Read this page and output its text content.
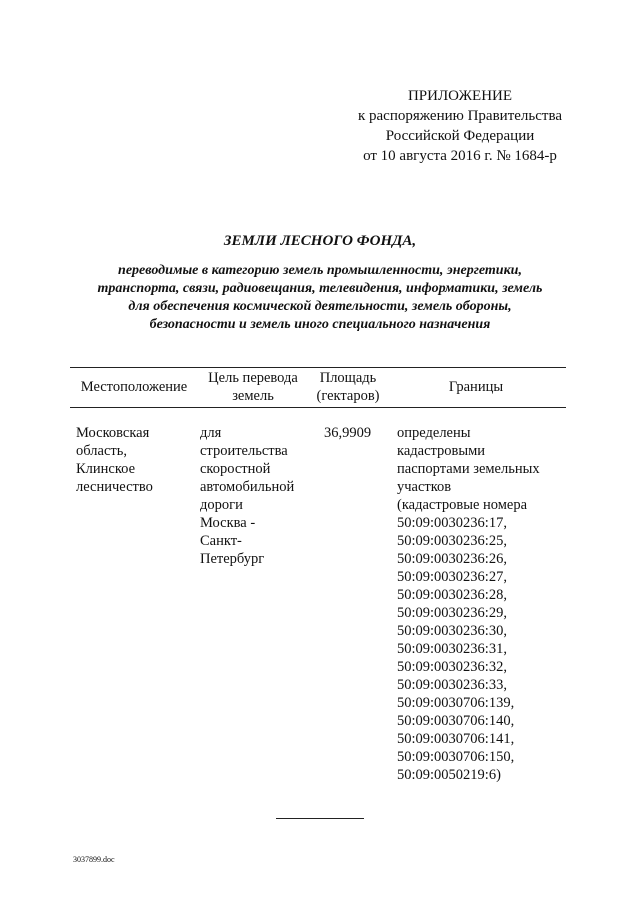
ПРИЛОЖЕНИЕ
к распоряжению Правительства
Российской Федерации
от 10 августа 2016 г. № 1684-р
ЗЕМЛИ ЛЕСНОГО ФОНДА,
переводимые в категорию земель промышленности, энергетики,
транспорта, связи, радиовещания, телевидения, информатики, земель
для обеспечения космической деятельности, земель обороны,
безопасности и земель иного специального назначения
Местоположение
Цель перевода
земель
Площадь
(гектаров)
Границы
Московская
область,
Клинское
лесничество
для
строительства
скоростной
автомобильной
дороги
Москва -
Санкт-
Петербург
36,9909 определены
кадастровыми
паспортами земельных
участков
(кадастровые номера
50:09:0030236:17,
50:09:0030236:25,
50:09:0030236:26,
50:09:0030236:27,
50:09:0030236:28,
50:09:0030236:29,
50:09:0030236:30,
50:09:0030236:31,
50:09:0030236:32,
50:09:0030236:33,
50:09:0030706:139,
50:09:0030706:140,
50:09:0030706:141,
50:09:0030706:150,
50:09:0050219:6)
3037899.doc
